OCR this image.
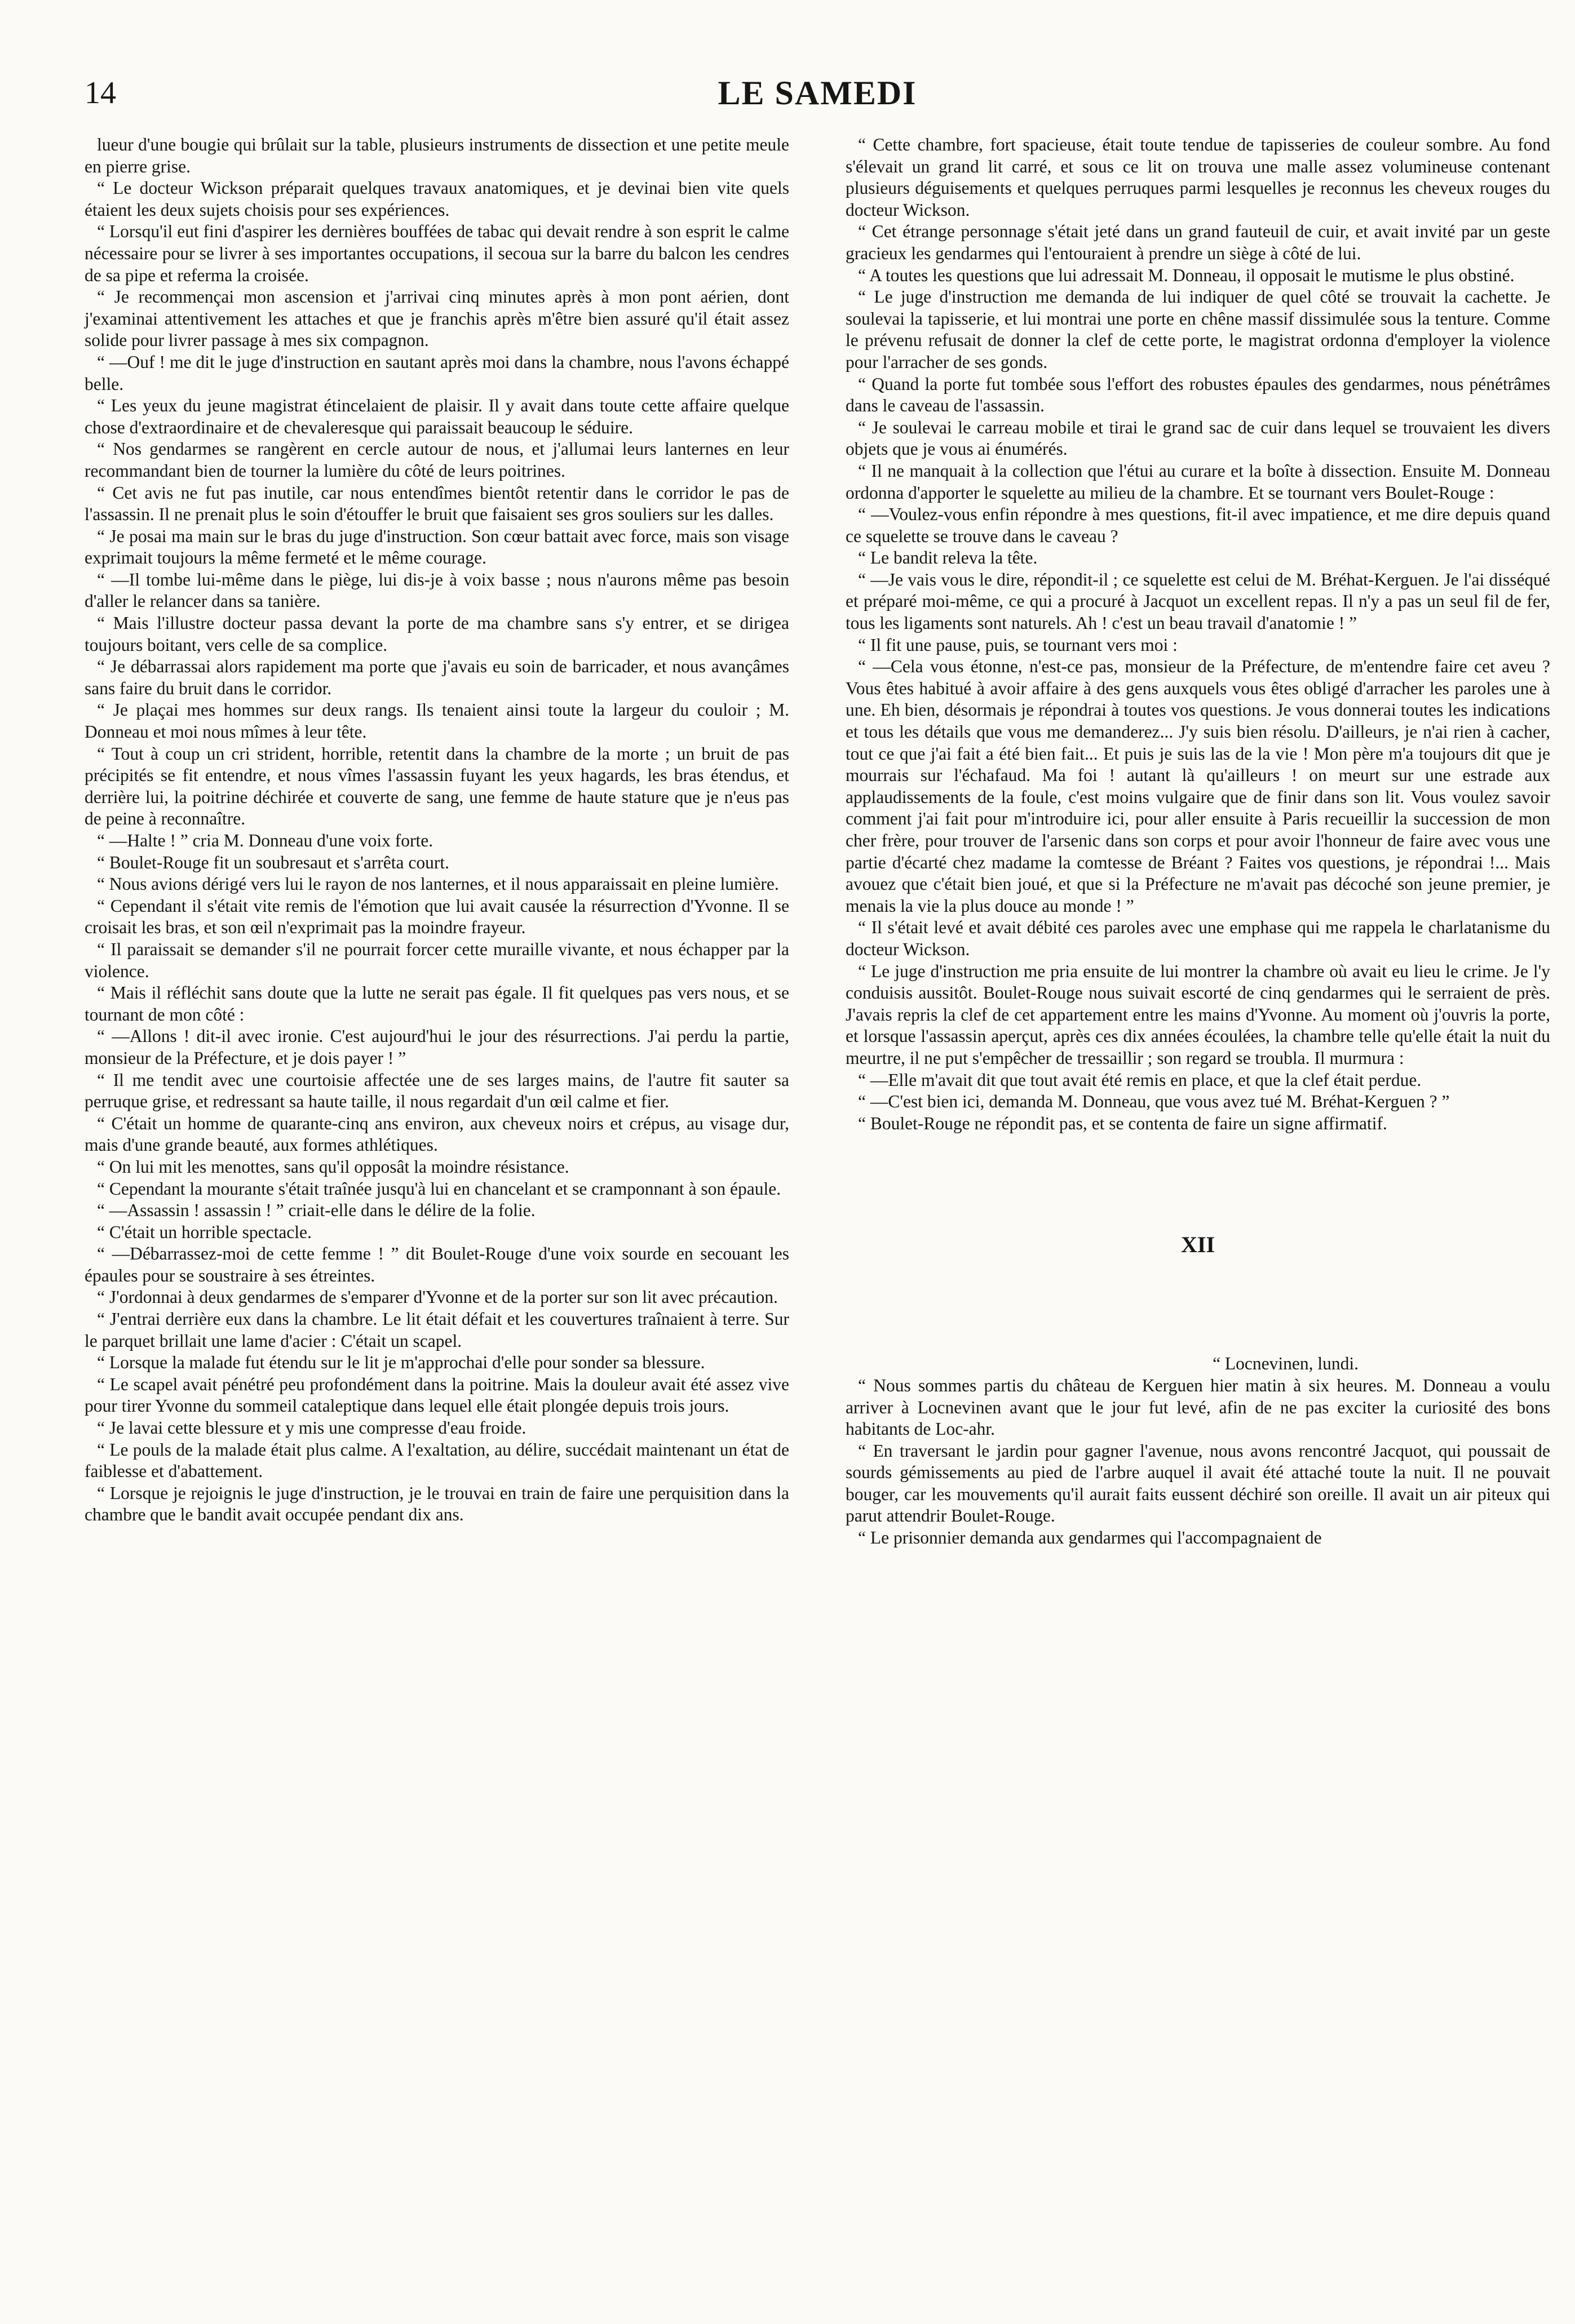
14	LE SAMEDI

lueur d'une bougie qui brûlait sur la table, plusieurs instruments de dissection et une petite meule en pierre grise.

“ Le docteur Wickson préparait quelques travaux anatomiques, et je devinai bien vite quels étaient les deux sujets choisis pour ses expériences.

“ Lorsqu'il eut fini d'aspirer les dernières bouffées de tabac qui devait rendre à son esprit le calme nécessaire pour se livrer à ses importantes occupations, il secoua sur la barre du balcon les cendres de sa pipe et referma la croisée.

“ Je recommençai mon ascension et j'arrivai cinq minutes après à mon pont aérien, dont j'examinai attentivement les attaches et que je franchis après m'être bien assuré qu'il était assez solide pour livrer passage à mes six compagnon.

“ —Ouf ! me dit le juge d'instruction en sautant après moi dans la chambre, nous l'avons échappé belle.

“ Les yeux du jeune magistrat étincelaient de plaisir. Il y avait dans toute cette affaire quelque chose d'extraordinaire et de chevaleresque qui paraissait beaucoup le séduire.

“ Nos gendarmes se rangèrent en cercle autour de nous, et j'allumai leurs lanternes en leur recommandant bien de tourner la lumière du côté de leurs poitrines.

“ Cet avis ne fut pas inutile, car nous entendîmes bientôt retentir dans le corridor le pas de l'assassin. Il ne prenait plus le soin d'étouffer le bruit que faisaient ses gros souliers sur les dalles.

“ Je posai ma main sur le bras du juge d'instruction. Son cœur battait avec force, mais son visage exprimait toujours la même fermeté et le même courage.

“ —Il tombe lui-même dans le piège, lui dis-je à voix basse ; nous n'aurons même pas besoin d'aller le relancer dans sa tanière.

“ Mais l'illustre docteur passa devant la porte de ma chambre sans s'y entrer, et se dirigea toujours boitant, vers celle de sa complice.

“ Je débarrassai alors rapidement ma porte que j'avais eu soin de barricader, et nous avançâmes sans faire du bruit dans le corridor.

“ Je plaçai mes hommes sur deux rangs. Ils tenaient ainsi toute la largeur du couloir ; M. Donneau et moi nous mîmes à leur tête.

“ Tout à coup un cri strident, horrible, retentit dans la chambre de la morte ; un bruit de pas précipités se fit entendre, et nous vîmes l'assassin fuyant les yeux hagards, les bras étendus, et derrière lui, la poitrine déchirée et couverte de sang, une femme de haute stature que je n'eus pas de peine à reconnaître.

“ —Halte ! ” cria M. Donneau d'une voix forte.

“ Boulet-Rouge fit un soubresaut et s'arrêta court.

“ Nous avions dérigé vers lui le rayon de nos lanternes, et il nous apparaissait en pleine lumière.

“ Cependant il s'était vite remis de l'émotion que lui avait causée la résurrection d'Yvonne. Il se croisait les bras, et son œil n'exprimait pas la moindre frayeur.

“ Il paraissait se demander s'il ne pourrait forcer cette muraille vivante, et nous échapper par la violence.

“ Mais il réfléchit sans doute que la lutte ne serait pas égale. Il fit quelques pas vers nous, et se tournant de mon côté :

“ —Allons ! dit-il avec ironie. C'est aujourd'hui le jour des résurrections. J'ai perdu la partie, monsieur de la Préfecture, et je dois payer ! ”

“ Il me tendit avec une courtoisie affectée une de ses larges mains, de l'autre fit sauter sa perruque grise, et redressant sa haute taille, il nous regardait d'un œil calme et fier.

“ C'était un homme de quarante-cinq ans environ, aux cheveux noirs et crépus, au visage dur, mais d'une grande beauté, aux formes athlétiques.

“ On lui mit les menottes, sans qu'il opposât la moindre résistance.

“ Cependant la mourante s'était traînée jusqu'à lui en chancelant et se cramponnant à son épaule.

“ —Assassin ! assassin ! ” criait-elle dans le délire de la folie.

“ C'était un horrible spectacle.

“ —Débarrassez-moi de cette femme ! ” dit Boulet-Rouge d'une voix sourde en secouant les épaules pour se soustraire à ses étreintes.

“ J'ordonnai à deux gendarmes de s'emparer d'Yvonne et de la porter sur son lit avec précaution.

“ J'entrai derrière eux dans la chambre. Le lit était défait et les couvertures traînaient à terre. Sur le parquet brillait une lame d'acier : C'était un scapel.

“ Lorsque la malade fut étendu sur le lit je m'approchai d'elle pour sonder sa blessure.

“ Le scapel avait pénétré peu profondément dans la poitrine. Mais la douleur avait été assez vive pour tirer Yvonne du sommeil cataleptique dans lequel elle était plongée depuis trois jours.

“ Je lavai cette blessure et y mis une compresse d'eau froide.

“ Le pouls de la malade était plus calme. A l'exaltation, au délire, succédait maintenant un état de faiblesse et d'abattement.

“ Lorsque je rejoignis le juge d'instruction, je le trouvai en train de faire une perquisition dans la chambre que le bandit avait occupée pendant dix ans.

“ Cette chambre, fort spacieuse, était toute tendue de tapisseries de couleur sombre. Au fond s'élevait un grand lit carré, et sous ce lit on trouva une malle assez volumineuse contenant plusieurs déguisements et quelques perruques parmi lesquelles je reconnus les cheveux rouges du docteur Wickson.

“ Cet étrange personnage s'était jeté dans un grand fauteuil de cuir, et avait invité par un geste gracieux les gendarmes qui l'entouraient à prendre un siège à côté de lui.

“ A toutes les questions que lui adressait M. Donneau, il opposait le mutisme le plus obstiné.

“ Le juge d'instruction me demanda de lui indiquer de quel côté se trouvait la cachette. Je soulevai la tapisserie, et lui montrai une porte en chêne massif dissimulée sous la tenture. Comme le prévenu refusait de donner la clef de cette porte, le magistrat ordonna d'employer la violence pour l'arracher de ses gonds.

“ Quand la porte fut tombée sous l'effort des robustes épaules des gendarmes, nous pénétrâmes dans le caveau de l'assassin.

“ Je soulevai le carreau mobile et tirai le grand sac de cuir dans lequel se trouvaient les divers objets que je vous ai énumérés.

“ Il ne manquait à la collection que l'étui au curare et la boîte à dissection. Ensuite M. Donneau ordonna d'apporter le squelette au milieu de la chambre. Et se tournant vers Boulet-Rouge :

“ —Voulez-vous enfin répondre à mes questions, fit-il avec impatience, et me dire depuis quand ce squelette se trouve dans le caveau ?

“ Le bandit releva la tête.

“ —Je vais vous le dire, répondit-il ; ce squelette est celui de M. Bréhat-Kerguen. Je l'ai disséqué et préparé moi-même, ce qui a procuré à Jacquot un excellent repas. Il n'y a pas un seul fil de fer, tous les ligaments sont naturels. Ah ! c'est un beau travail d'anatomie ! ”

“ Il fit une pause, puis, se tournant vers moi :

“ —Cela vous étonne, n'est-ce pas, monsieur de la Préfecture, de m'entendre faire cet aveu ? Vous êtes habitué à avoir affaire à des gens auxquels vous êtes obligé d'arracher les paroles une à une. Eh bien, désormais je répondrai à toutes vos questions. Je vous donnerai toutes les indications et tous les détails que vous me demanderez... J'y suis bien résolu. D'ailleurs, je n'ai rien à cacher, tout ce que j'ai fait a été bien fait... Et puis je suis las de la vie ! Mon père m'a toujours dit que je mourrais sur l'échafaud. Ma foi ! autant là qu'ailleurs ! on meurt sur une estrade aux applaudissements de la foule, c'est moins vulgaire que de finir dans son lit. Vous voulez savoir comment j'ai fait pour m'introduire ici, pour aller ensuite à Paris recueillir la succession de mon cher frère, pour trouver de l'arsenic dans son corps et pour avoir l'honneur de faire avec vous une partie d'écarté chez madame la comtesse de Bréant ? Faites vos questions, je répondrai !... Mais avouez que c'était bien joué, et que si la Préfecture ne m'avait pas décoché son jeune premier, je menais la vie la plus douce au monde ! ”

“ Il s'était levé et avait débité ces paroles avec une emphase qui me rappela le charlatanisme du docteur Wickson.

“ Le juge d'instruction me pria ensuite de lui montrer la chambre où avait eu lieu le crime. Je l'y conduisis aussitôt. Boulet-Rouge nous suivait escorté de cinq gendarmes qui le serraient de près. J'avais repris la clef de cet appartement entre les mains d'Yvonne. Au moment où j'ouvris la porte, et lorsque l'assassin aperçut, après ces dix années écoulées, la chambre telle qu'elle était la nuit du meurtre, il ne put s'empêcher de tressaillir ; son regard se troubla. Il murmura :

“ —Elle m'avait dit que tout avait été remis en place, et que la clef était perdue.

“ —C'est bien ici, demanda M. Donneau, que vous avez tué M. Bréhat-Kerguen ? ”

“ Boulet-Rouge ne répondit pas, et se contenta de faire un signe affirmatif.

XII

“ Locnevinen, lundi.

“ Nous sommes partis du château de Kerguen hier matin à six heures. M. Donneau a voulu arriver à Locnevinen avant que le jour fut levé, afin de ne pas exciter la curiosité des bons habitants de Loc-ahr.

“ En traversant le jardin pour gagner l'avenue, nous avons rencontré Jacquot, qui poussait de sourds gémissements au pied de l'arbre auquel il avait été attaché toute la nuit. Il ne pouvait bouger, car les mouvements qu'il aurait faits eussent déchiré son oreille. Il avait un air piteux qui parut attendrir Boulet-Rouge.

“ Le prisonnier demanda aux gendarmes qui l'accompagnaient de
